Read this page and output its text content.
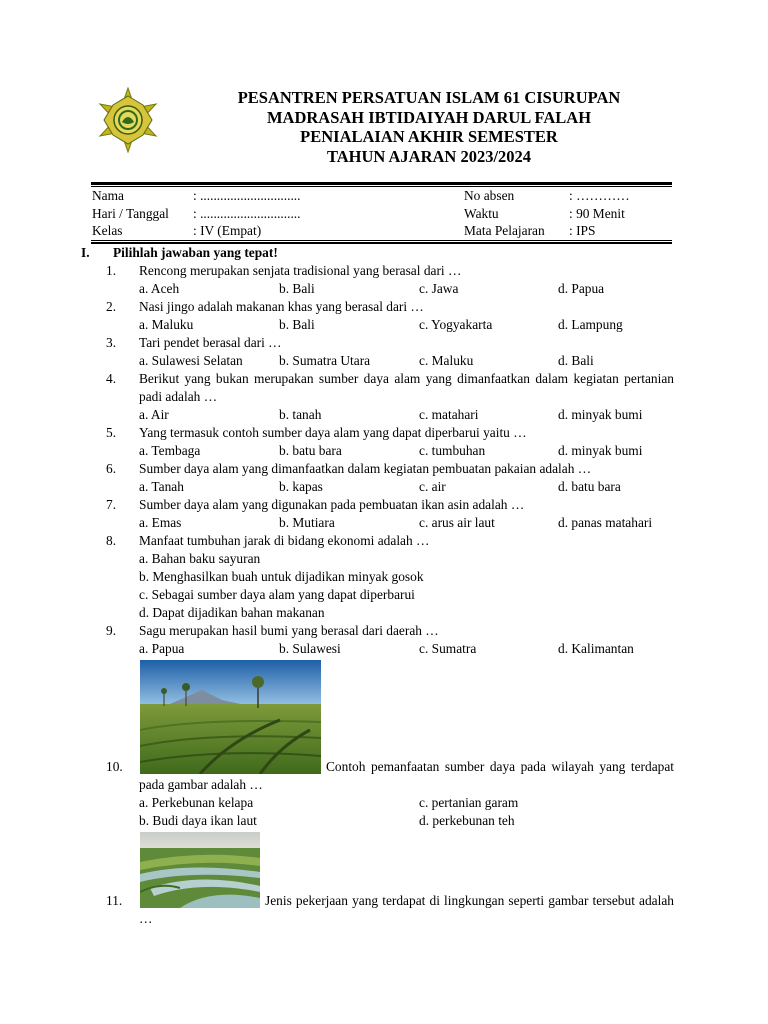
PESANTREN PERSATUAN ISLAM 61 CISURUPAN
MADRASAH IBTIDAIYAH DARUL FALAH
PENIALAIAN AKHIR SEMESTER
TAHUN AJARAN 2023/2024
Nama	: ..............................	No absen	: …………
Hari / Tanggal : ..............................	Waktu	: 90 Menit
Kelas	: IV (Empat)	Mata Pelajaran : IPS
I. Pilihlah jawaban yang tepat!
1.	Rencong merupakan senjata tradisional yang berasal dari …
a. Aceh	b. Bali	c. Jawa	d. Papua
2.	Nasi jingo adalah makanan khas yang berasal dari …
a. Maluku	b. Bali	c. Yogyakarta	d. Lampung
3.	Tari pendet berasal dari …
a. Sulawesi Selatan	b. Sumatra Utara	c. Maluku	d. Bali
4.	Berikut yang bukan merupakan sumber daya alam yang dimanfaatkan dalam kegiatan pertanian padi adalah …
a. Air	b. tanah	c. matahari	d. minyak bumi
5.	Yang termasuk contoh sumber daya alam yang dapat diperbarui yaitu …
a. Tembaga	b. batu bara	c. tumbuhan	d. minyak bumi
6.	Sumber daya alam yang dimanfaatkan dalam kegiatan pembuatan pakaian adalah …
a. Tanah	b. kapas	c. air	d. batu bara
7.	Sumber daya alam yang digunakan pada pembuatan ikan asin adalah …
a. Emas	b. Mutiara	c. arus air laut	d. panas matahari
8.	Manfaat tumbuhan jarak di bidang ekonomi adalah …
a. Bahan baku sayuran
b. Menghasilkan buah untuk dijadikan minyak gosok
c. Sebagai sumber daya alam yang dapat diperbarui
d. Dapat dijadikan bahan makanan
9.	Sagu merupakan hasil bumi yang berasal dari daerah …
a. Papua	b. Sulawesi	c. Sumatra	d. Kalimantan
10.	Contoh pemanfaatan sumber daya pada wilayah yang terdapat pada gambar adalah …
a. Perkebunan kelapa	c. pertanian garam
b. Budi daya ikan laut	d. perkebunan teh
11.	Jenis pekerjaan yang terdapat di lingkungan seperti gambar tersebut adalah …
